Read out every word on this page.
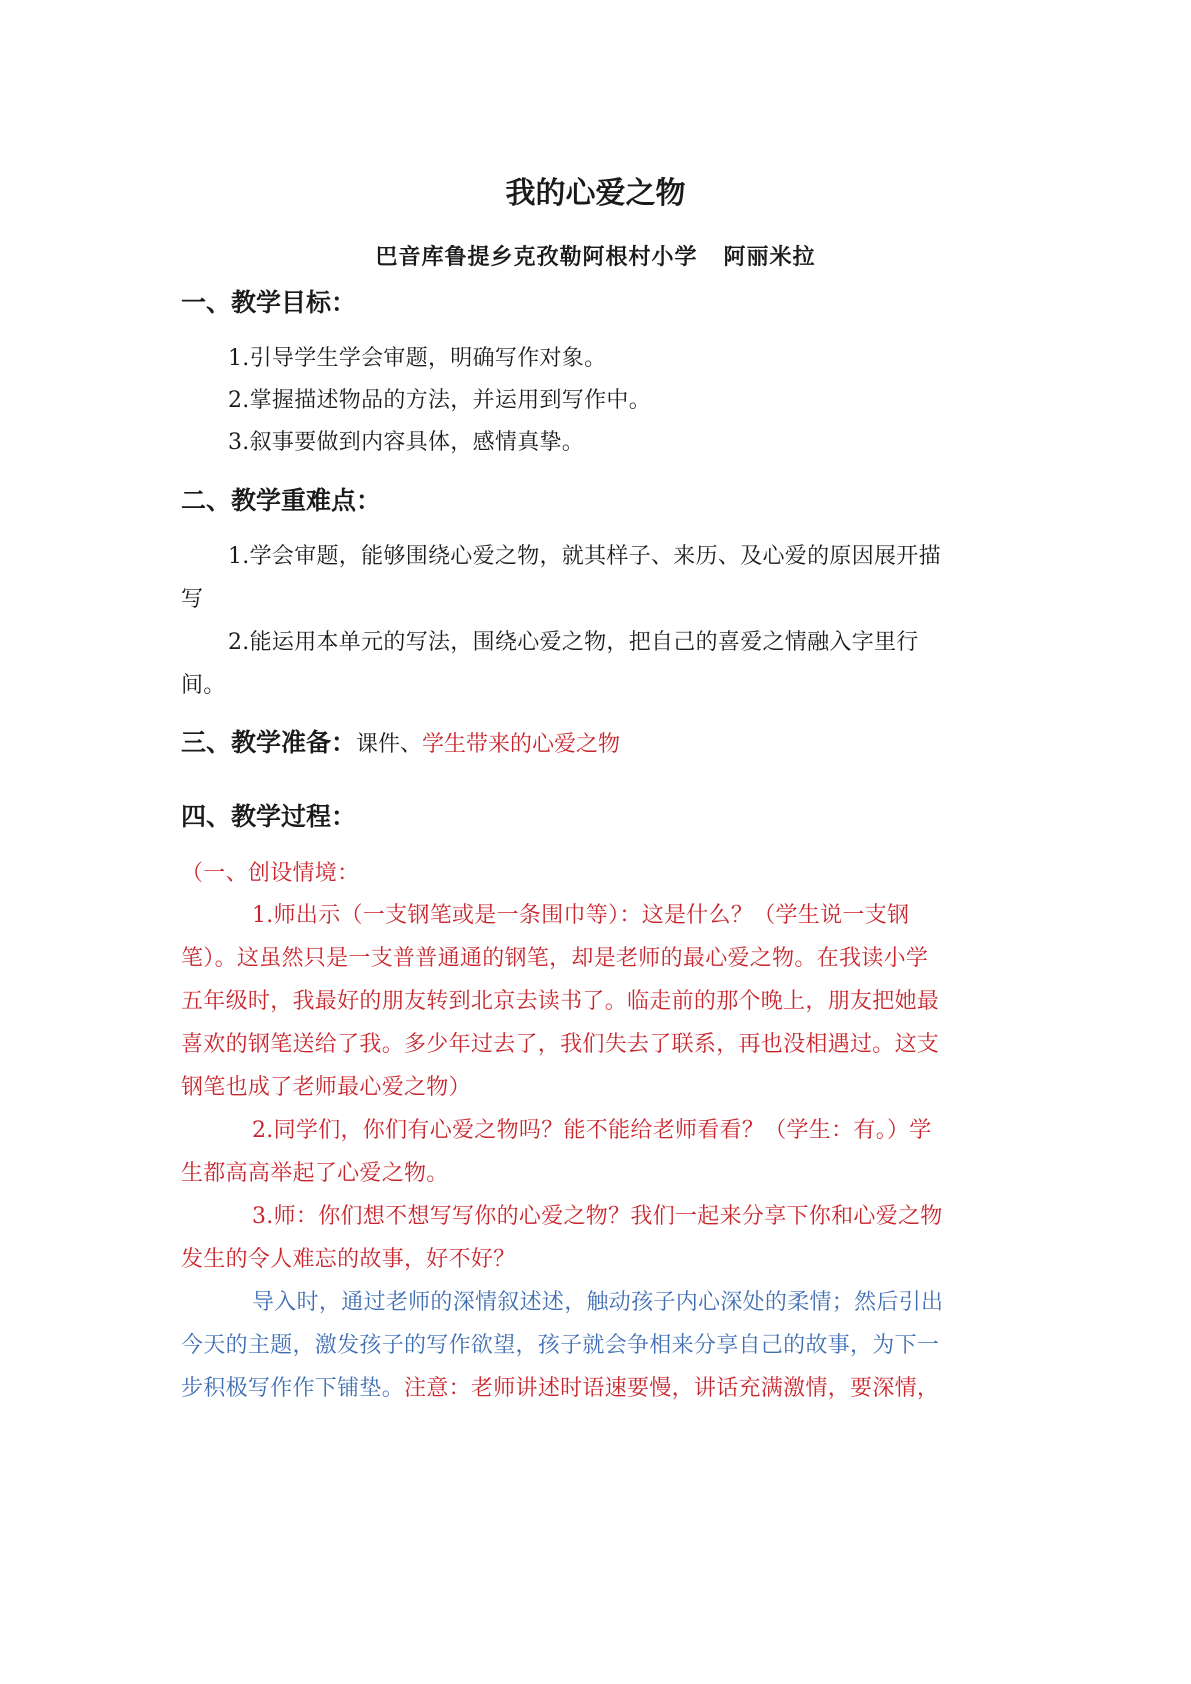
我的心爱之物
巴音库鲁提乡克孜勒阿根村小学 阿丽米拉
一、教学目标：
1.引导学生学会审题，明确写作对象。
2.掌握描述物品的方法，并运用到写作中。
3.叙事要做到内容具体，感情真挚。
二、教学重难点：
1.学会审题，能够围绕心爱之物，就其样子、来历、及心爱的原因展开描
写
2.能运用本单元的写法，围绕心爱之物，把自己的喜爱之情融入字里行
间。
三、教学准备：课件、学生带来的心爱之物
四、教学过程：
（一、创设情境：
1.师出示（一支钢笔或是一条围巾等）：这是什么？（学生说一支钢
笔）。这虽然只是一支普普通通的钢笔，却是老师的最心爱之物。在我读小学
五年级时，我最好的朋友转到北京去读书了。临走前的那个晚上，朋友把她最
喜欢的钢笔送给了我。多少年过去了，我们失去了联系，再也没相遇过。这支
钢笔也成了老师最心爱之物）
2.同学们，你们有心爱之物吗？能不能给老师看看？（学生：有。）学
生都高高举起了心爱之物。
3.师：你们想不想写写你的心爱之物？我们一起来分享下你和心爱之物
发生的令人难忘的故事，好不好？
导入时，通过老师的深情叙述述，触动孩子内心深处的柔情；然后引出
今天的主题，激发孩子的写作欲望，孩子就会争相来分享自己的故事，为下一
步积极写作作下铺垫。注意：老师讲述时语速要慢，讲话充满激情，要深情，
